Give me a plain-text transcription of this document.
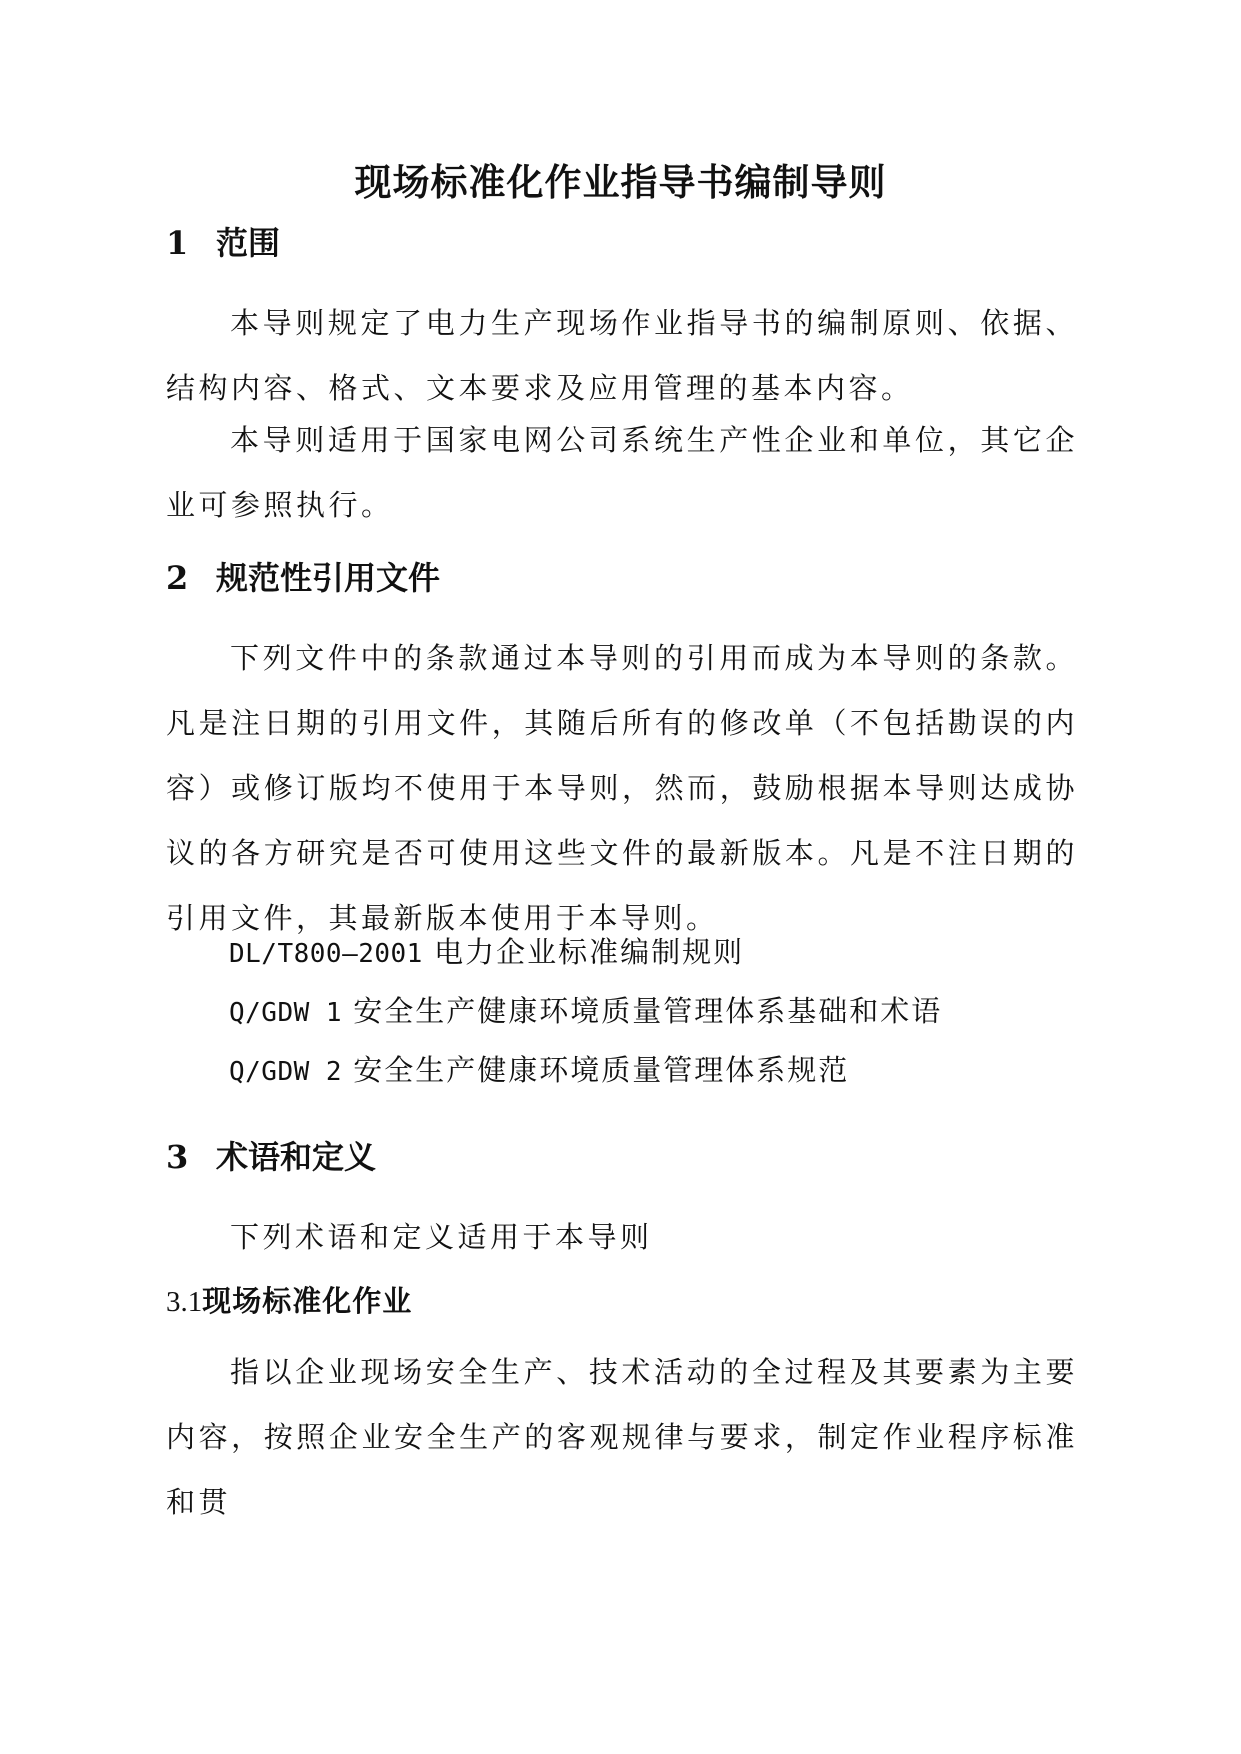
现场标准化作业指导书编制导则
1 范围
本导则规定了电力生产现场作业指导书的编制原则、依据、结构内容、格式、文本要求及应用管理的基本内容。
本导则适用于国家电网公司系统生产性企业和单位，其它企业可参照执行。
2 规范性引用文件
下列文件中的条款通过本导则的引用而成为本导则的条款。凡是注日期的引用文件，其随后所有的修改单（不包括勘误的内容）或修订版均不使用于本导则，然而，鼓励根据本导则达成协议的各方研究是否可使用这些文件的最新版本。凡是不注日期的引用文件，其最新版本使用于本导则。
DL/T800—2001 电力企业标准编制规则
Q/GDW 1 安全生产健康环境质量管理体系基础和术语
Q/GDW 2 安全生产健康环境质量管理体系规范
3 术语和定义
下列术语和定义适用于本导则
3.1现场标准化作业
指以企业现场安全生产、技术活动的全过程及其要素为主要内容，按照企业安全生产的客观规律与要求，制定作业程序标准和贯
